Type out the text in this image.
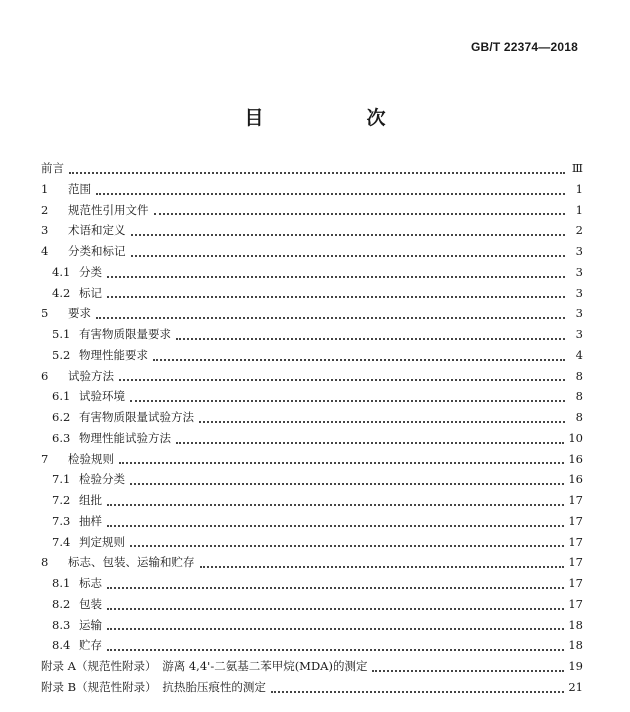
GB/T 22374—2018
目　次
前言	Ⅲ
1	范围	1
2	规范性引用文件	1
3	术语和定义	2
4	分类和标记	3
4.1 分类	3
4.2 标记	3
5	要求	3
5.1 有害物质限量要求	3
5.2 物理性能要求	4
6	试验方法	8
6.1 试验环境	8
6.2 有害物质限量试验方法	8
6.3 物理性能试验方法	10
7	检验规则	16
7.1 检验分类	16
7.2 组批	17
7.3 抽样	17
7.4 判定规则	17
8	标志、包装、运输和贮存	17
8.1 标志	17
8.2 包装	17
8.3 运输	18
8.4 贮存	18
附录 A（规范性附录）　游离 4,4'-二氨基二苯甲烷(MDA)的测定	19
附录 B（规范性附录）　抗热胎压痕性的测定	21
